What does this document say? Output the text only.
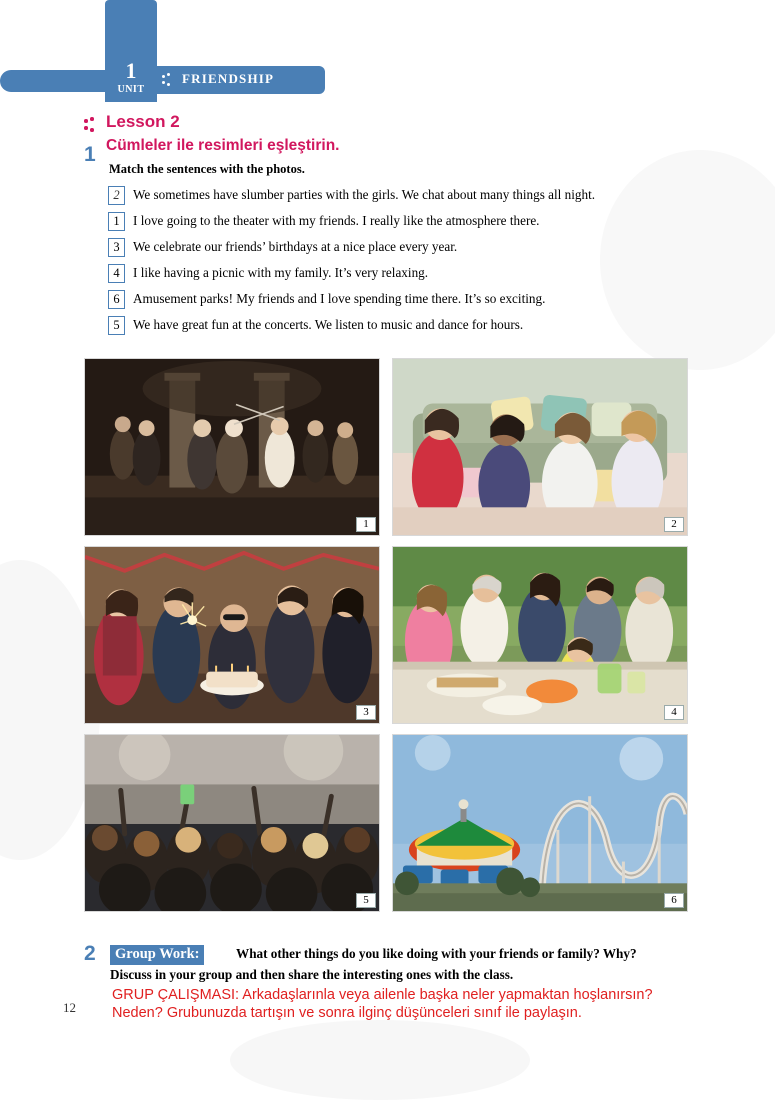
FRIENDSHIP
1
UNIT
Lesson 2
Cümleler ile resimleri eşleştirin.
1
Match the sentences with the photos.
2	We sometimes have slumber parties with the girls. We chat about many things all night.
1	I love going to the theater with my friends. I really like the atmosphere there.
3	We celebrate our friends’ birthdays at a nice place every year.
4	I like having a picnic with my family. It’s very relaxing.
6	Amusement parks! My friends and I love spending time there. It’s so exciting.
5	We have great fun at the concerts. We listen to music and dance for hours.
1	2
3	4
5	6
2	Group Work:	What other things do you like doing with your friends or family? Why?
Discuss in your group and then share the interesting ones with the class.
GRUP ÇALIŞMASI: Arkadaşlarınla veya ailenle başka neler yapmaktan hoşlanırsın?
Neden? Grubunuzda tartışın ve sonra ilginç düşünceleri sınıf ile paylaşın.
12
